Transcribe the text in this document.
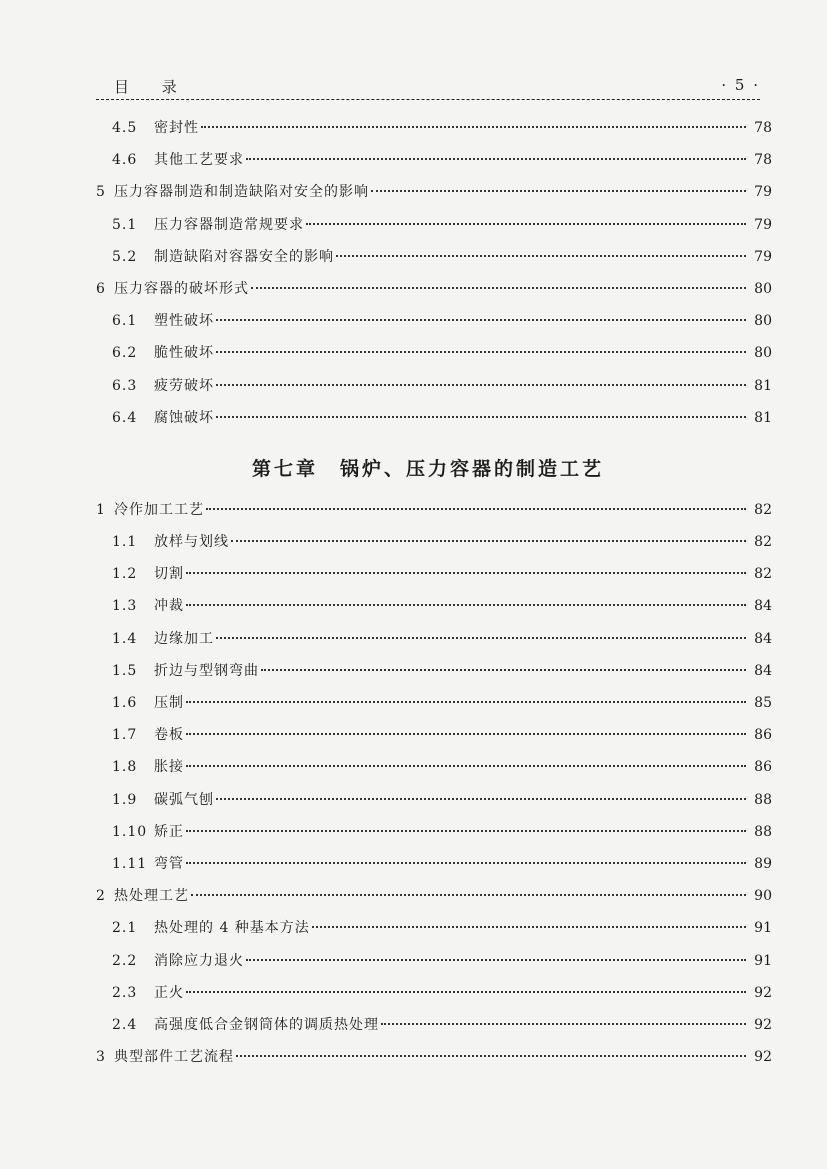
目 录	· 5 ·
4.5	密封性	78
4.6	其他工艺要求	78
5 压力容器制造和制造缺陷对安全的影响	79
5.1	压力容器制造常规要求	79
5.2	制造缺陷对容器安全的影响	79
6 压力容器的破坏形式	80
6.1	塑性破坏	80
6.2	脆性破坏	80
6.3	疲劳破坏	81
6.4	腐蚀破坏	81
第七章 锅炉、压力容器的制造工艺
1 冷作加工工艺	82
1.1	放样与划线	82
1.2	切割	82
1.3	冲裁	84
1.4	边缘加工	84
1.5	折边与型钢弯曲	84
1.6	压制	85
1.7	卷板	86
1.8	胀接	86
1.9	碳弧气刨	88
1.10 矫正	88
1.11 弯管	89
2 热处理工艺	90
2.1	热处理的 4 种基本方法	91
2.2	消除应力退火	91
2.3	正火	92
2.4	高强度低合金钢筒体的调质热处理	92
3 典型部件工艺流程	92
